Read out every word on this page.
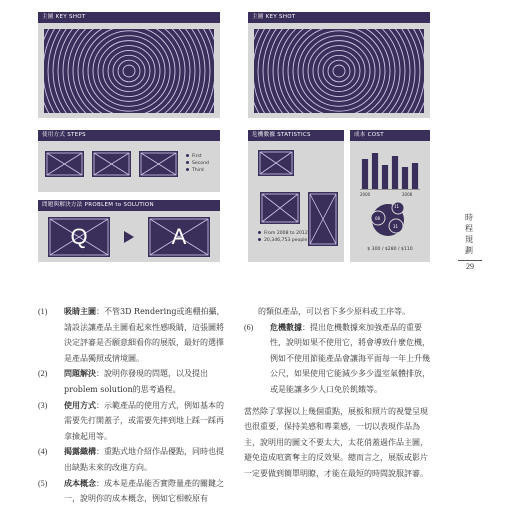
主圖 KEY SHOT
使用方式 STEPS
First
Second
Third
問題與解決方法 PROBLEM to SOLUTION
Q	A
主圖 KEY SHOT
危機數據 STATISTICS
From 2008 to 2012
20,346,753 people
成本 COST
2000	2008
11
08
31
$ 300 / $280 / $110
時
程
規
劃
29
(1) 吸睛主圖：不管3D Rendering或進棚拍攝，請設法讓產品主圖看起來性感吸睛，這張圖將決定評審是否願意細看你的展版，最好的選擇是產品獨照或情境圖。
(2) 問題解決：說明你發現的問題，以及提出problem solution的思考過程。
(3) 使用方式：示範產品的使用方式，例如基本的需要先打開蓋子，或需要先摔到地上踩一踩再拿撿起用等。
(4) 揭露織構：重點式地介紹作品優點，同時也提出缺點未來的改進方向。
(5) 成本概念：成本是產品能否實際量產的關鍵之一，說明你的成本概念，例如它相較原有
的類似產品，可以省下多少原料或工序等。
(6) 危機數據：提出危機數據來加強產品的重要性，說明如果不使用它，將會導致什麼危機，例如不使用節能產品會讓海平面每一年上升幾公尺，如果使用它能減少多少溫室氣體排放，或是能讓多少人口免於飢餓等。
當然除了掌握以上幾個重點，展板和照片的視覺呈現也很重要，保持美感和專業感，一切以表現作品為主，說明用的圖文不要太大，太花俏蓋過作品主圖，避免造成喧賓奪主的反效果。總而言之，展版或影片一定要做到簡單明瞭，才能在最短的時間說服評審。
